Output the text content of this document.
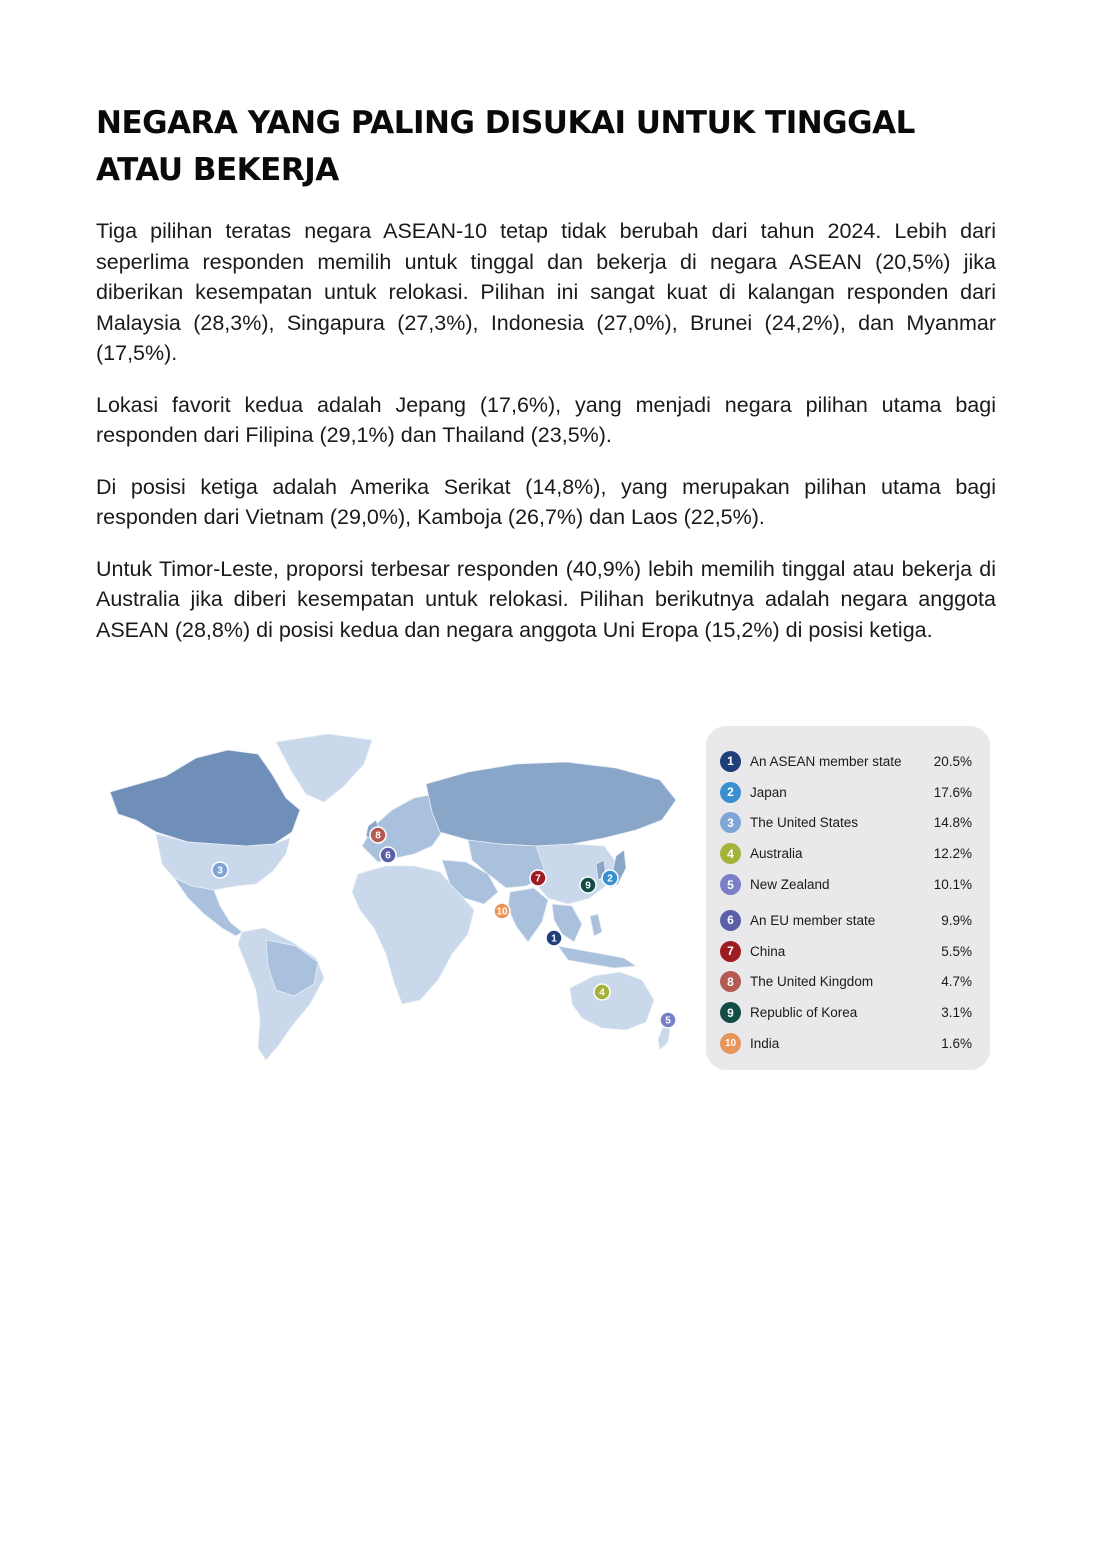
NEGARA YANG PALING DISUKAI UNTUK TINGGAL ATAU BEKERJA

Tiga pilihan teratas negara ASEAN-10 tetap tidak berubah dari tahun 2024. Lebih dari seperlima responden memilih untuk tinggal dan bekerja di negara ASEAN (20,5%) jika diberikan kesempatan untuk relokasi. Pilihan ini sangat kuat di kalangan responden dari Malaysia (28,3%), Singapura (27,3%), Indonesia (27,0%), Brunei (24,2%), dan Myanmar (17,5%).

Lokasi favorit kedua adalah Jepang (17,6%), yang menjadi negara pilihan utama bagi responden dari Filipina (29,1%) dan Thailand (23,5%).

Di posisi ketiga adalah Amerika Serikat (14,8%), yang merupakan pilihan utama bagi responden dari Vietnam (29,0%), Kamboja (26,7%) dan Laos (22,5%).

Untuk Timor-Leste, proporsi terbesar responden (40,9%) lebih memilih tinggal atau bekerja di Australia jika diberi kesempatan untuk relokasi. Pilihan berikutnya adalah negara anggota ASEAN (28,8%) di posisi kedua dan negara anggota Uni Eropa (15,2%) di posisi ketiga.

1
2
3
4
5
6
7
8
9
10
1	An ASEAN member state	20.5%
2	Japan	17.6%
3	The United States	14.8%
4	Australia	12.2%
5	New Zealand	10.1%
6	An EU member state	9.9%
7	China	5.5%
8	The United Kingdom	4.7%
9	Republic of Korea	3.1%
10	India	1.6%
